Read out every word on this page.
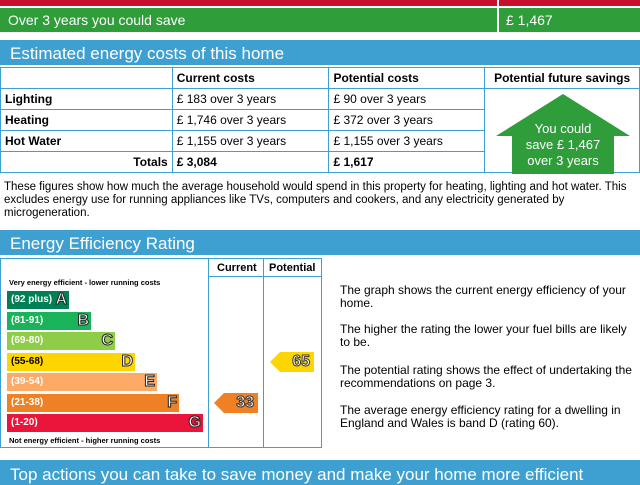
Over 3 years you could save	£ 1,467
Estimated energy costs of this home
	Current costs	Potential costs	Potential future savings
Lighting	£ 183 over 3 years	£ 90 over 3 years	
Heating	£ 1,746 over 3 years	£ 372 over 3 years	
Hot Water	£ 1,155 over 3 years	£ 1,155 over 3 years	
Totals	£ 3,084	£ 1,617	
You could
save £ 1,467
over 3 years
These figures show how much the average household would spend in this property for heating, lighting and hot water. This excludes energy use for running appliances like TVs, computers and cookers, and any electricity generated by microgeneration.
Energy Efficiency Rating
Current Potential
Very energy efficient - lower running costs
Not energy efficient - higher running costs
(92 plus) A
(81-91) B
(69-80)	C
(55-68)	D
(39-54)	E
(21-38)	F
(1-20)	G
33
65
The graph shows the current energy efficiency of your home.
The higher the rating the lower your fuel bills are likely to be.
The potential rating shows the effect of undertaking the recommendations on page 3.
The average energy efficiency rating for a dwelling in England and Wales is band D (rating 60).
Top actions you can take to save money and make your home more efficient
